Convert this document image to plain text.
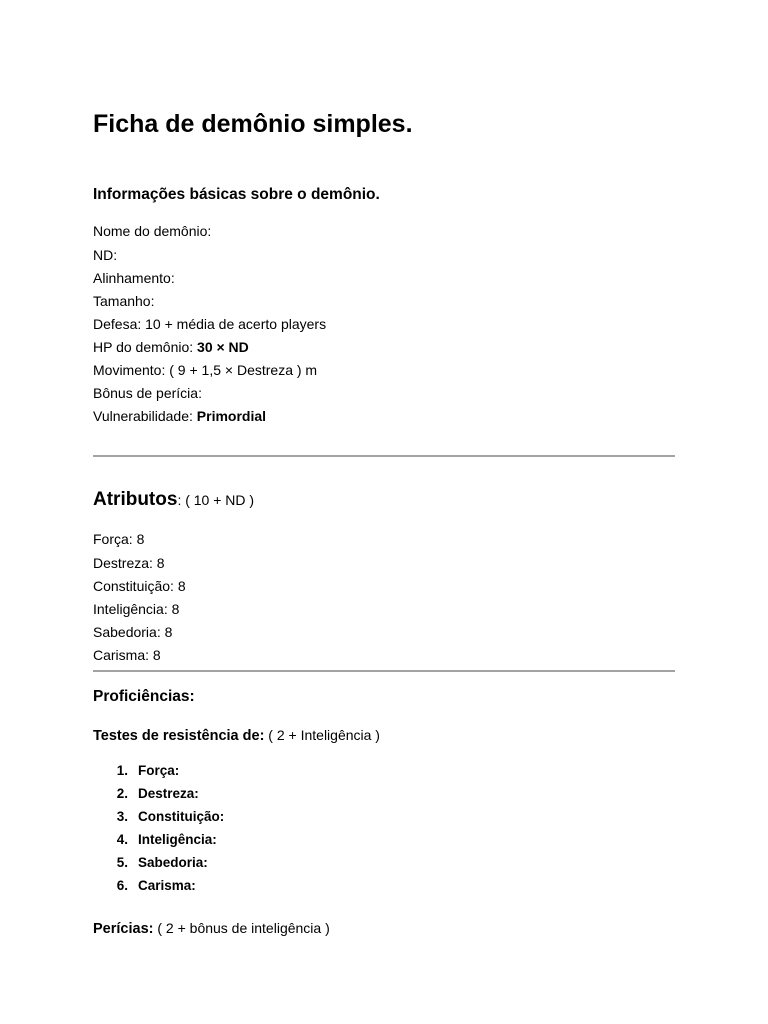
Ficha de demônio simples.
Informações básicas sobre o demônio.
Nome do demônio:
ND:
Alinhamento:
Tamanho:
Defesa: 10 + média de acerto players
HP do demônio: 30 × ND
Movimento: ( 9 + 1,5 × Destreza ) m
Bônus de perícia:
Vulnerabilidade: Primordial
Atributos: ( 10 + ND )
Força: 8
Destreza: 8
Constituição: 8
Inteligência: 8
Sabedoria: 8
Carisma: 8
Proficiências:
Testes de resistência de: ( 2 + Inteligência )
1. Força:
2. Destreza:
3. Constituição:
4. Inteligência:
5. Sabedoria:
6. Carisma:
Perícias: ( 2 + bônus de inteligência )
